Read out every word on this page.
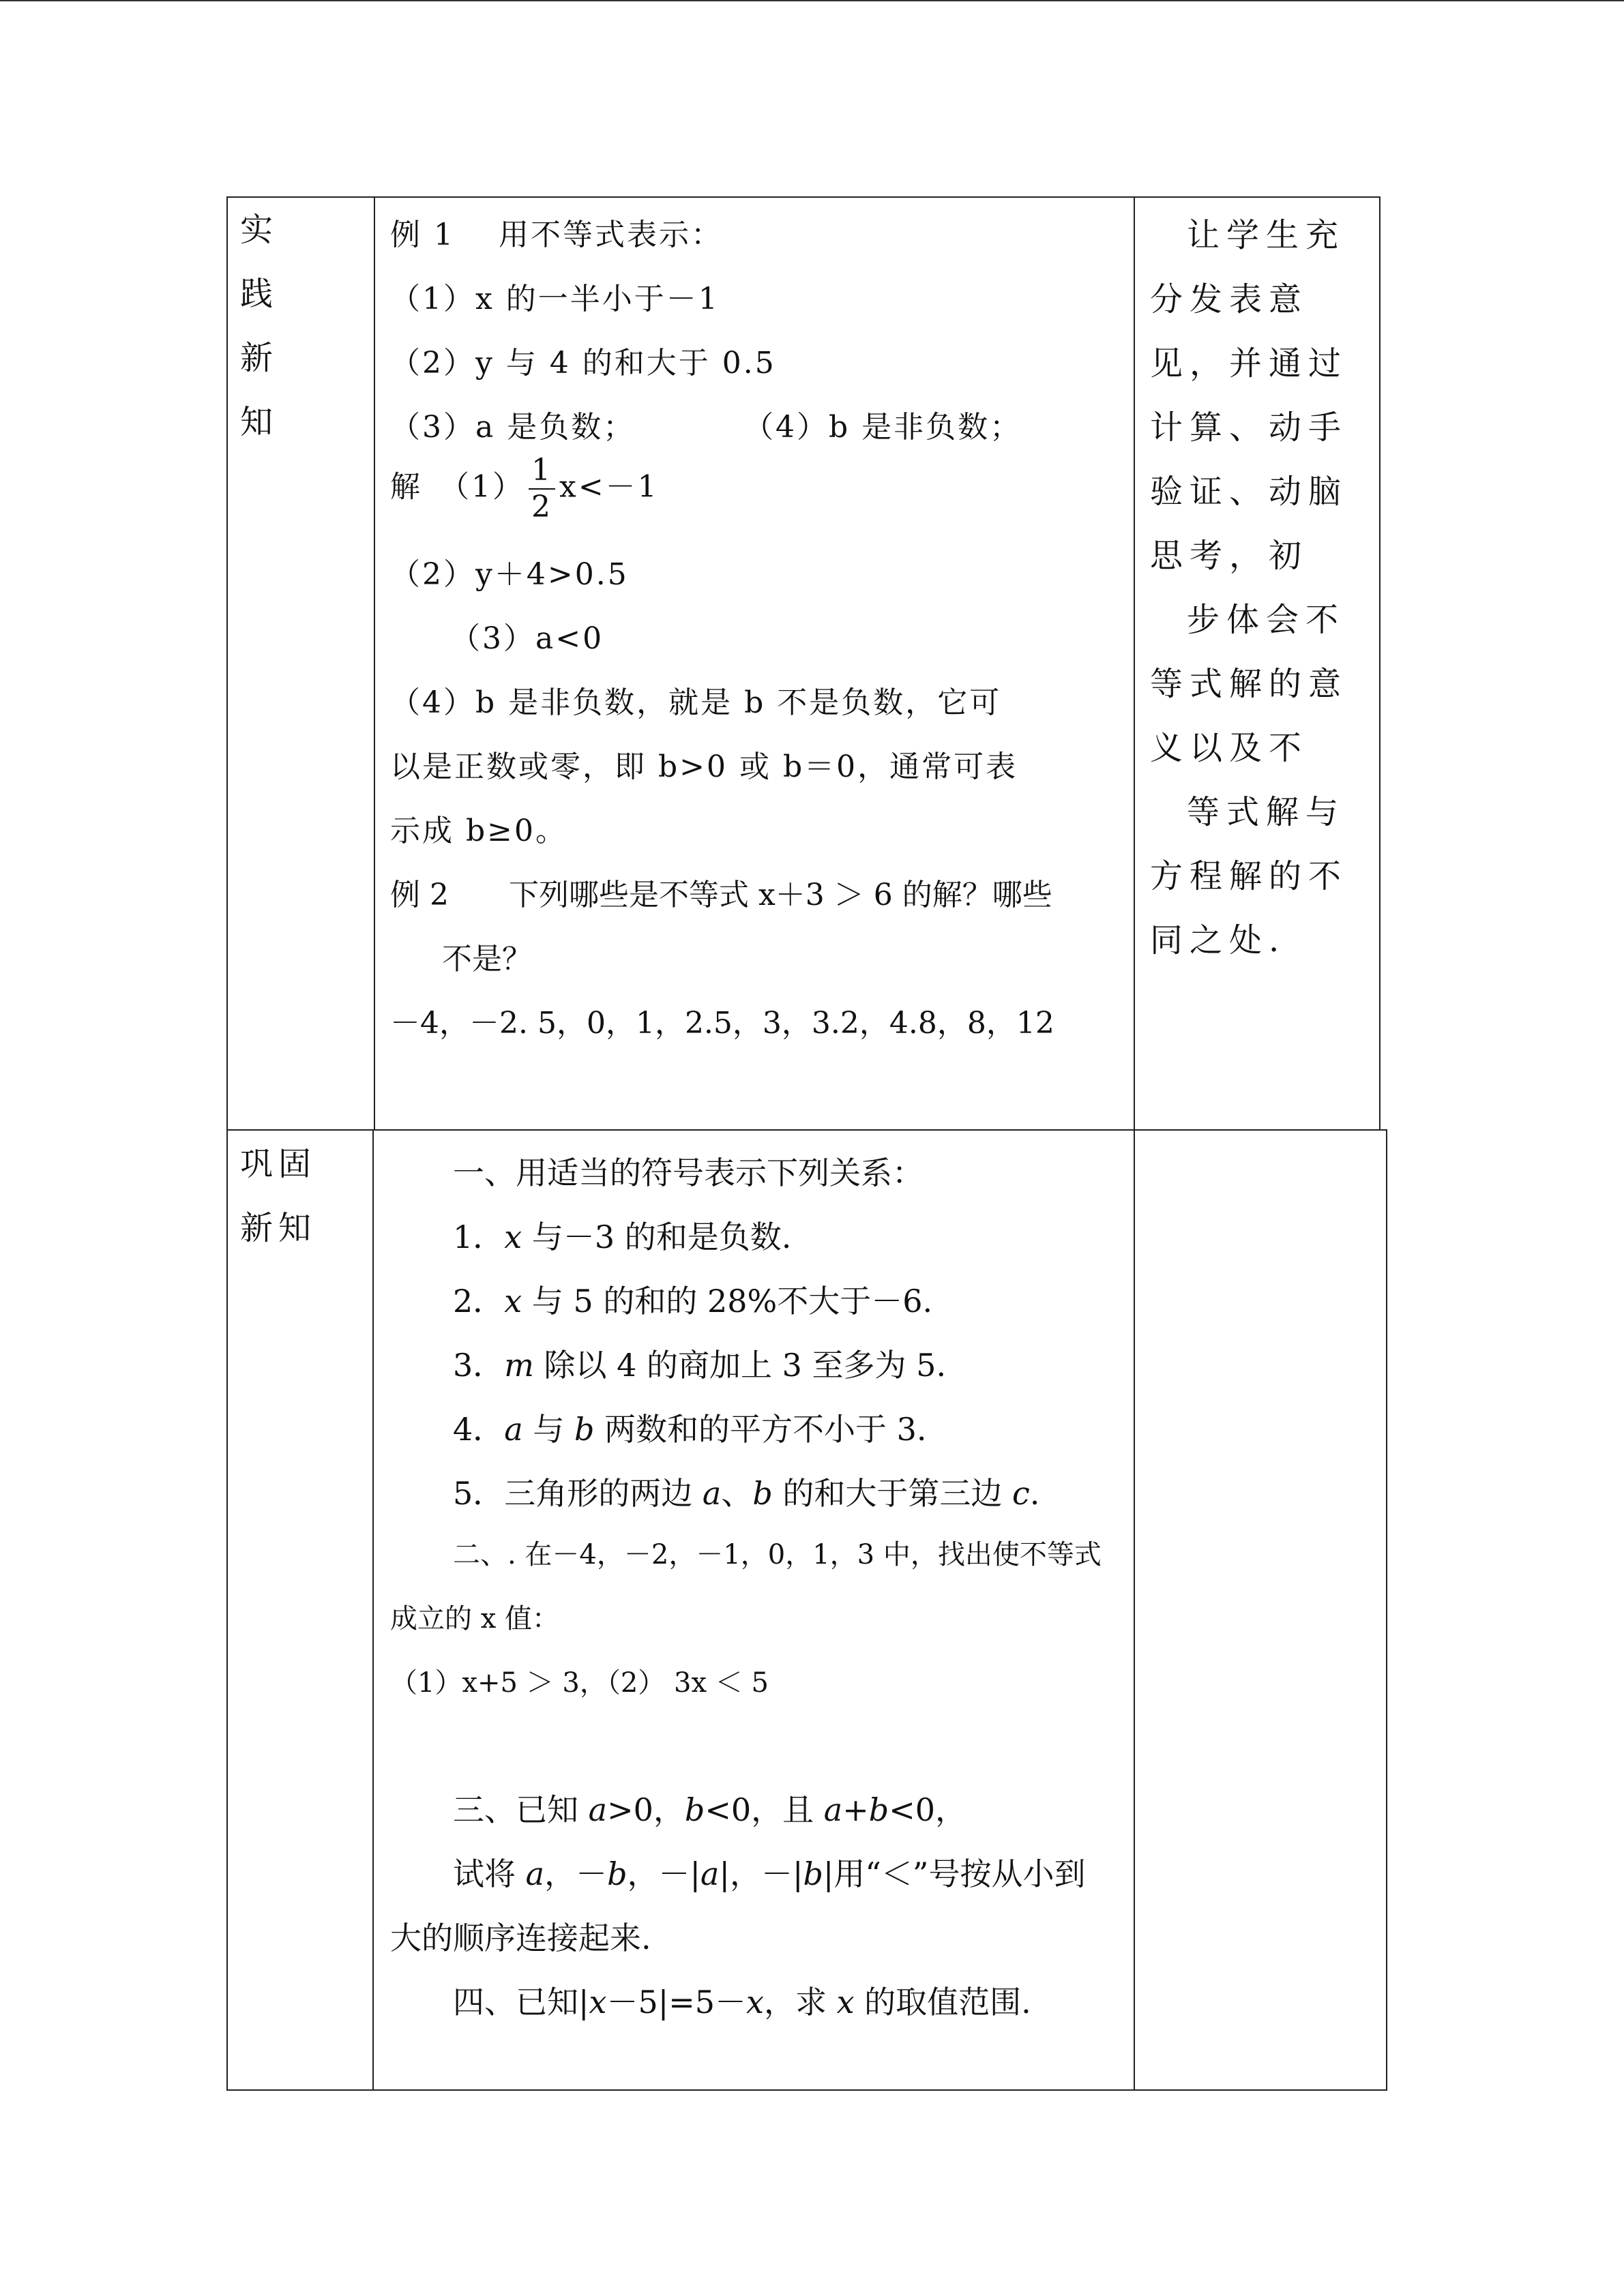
实
践
新
知
例 1　 用不等式表示：
（1）x 的一半小于－1
（2）y 与 4 的和大于 0.5
（3）a 是负数；	（4）b 是非负数；
解　$(1) \frac{1}{2} x<-1$
（2）y＋4>0.5
（3）a<0
（4）b 是非负数，就是 b 不是负数，它可
以是正数或零，即 b>0 或 b＝0，通常可表
示成 b≥0。
例 2　　下列哪些是不等式 x＋3 ＞ 6 的解？哪些
不是？
－4，－2. 5，0，1，2.5，3，3.2，4.8，8，12
让学生充
分发表意
见，并通过
计算、动手
验证、动脑
思考，初
步体会不
等式解的意
义以及不
等式解与
方程解的不
同之处.
巩固
新知
一、用适当的符号表示下列关系：
1．x 与－3 的和是负数.
2．x 与 5 的和的 28%不大于－6.
3．m 除以 4 的商加上 3 至多为 5.
4．a 与 b 两数和的平方不小于 3.
5．三角形的两边 a、b 的和大于第三边 c.
二、. 在－4，－2，－1，0，1，3 中，找出使不等式
成立的 x 值：
（1）x+5 ＞ 3，（2） 3x ＜ 5
三、已知 a>0，b<0，且 a+b<0，
试将 a，－b，－|a|，－|b|用“＜”号按从小到
大的顺序连接起来.
四、已知|x－5|=5－x，求 x 的取值范围.
